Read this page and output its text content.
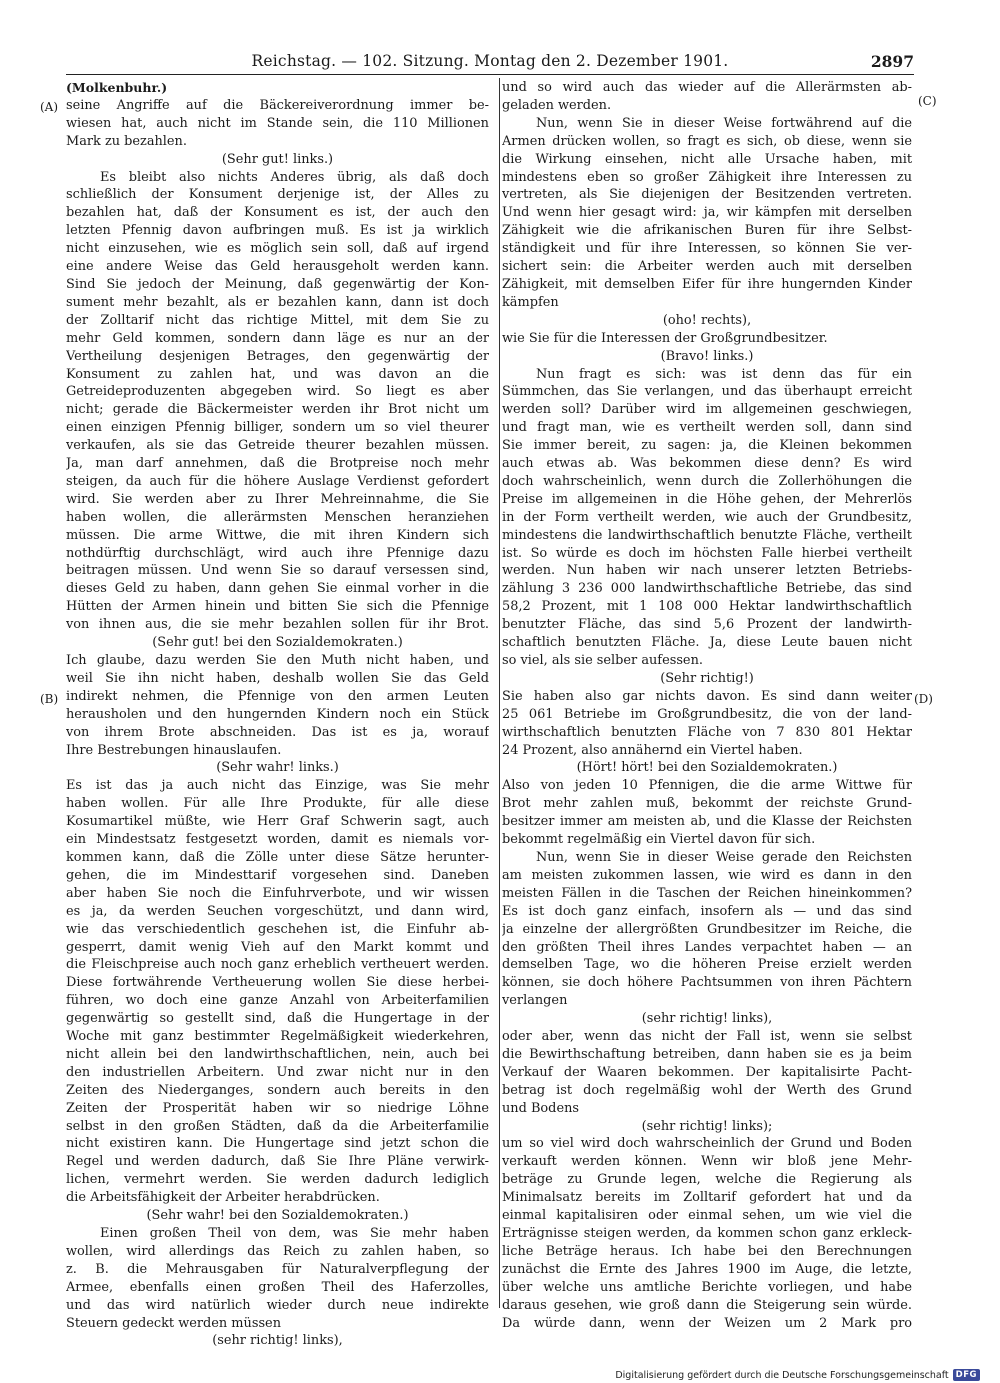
Reichstag. — 102. Sitzung. Montag den 2. Dezember 1901.	2897
(A)
(B)
(C)
(D)
(Molkenbuhr.)
seine Angriffe auf die Bäckereiverordnung immer be-
wiesen hat, auch nicht im Stande sein, die 110 Millionen
Mark zu bezahlen.
(Sehr gut! links.)
Es bleibt also nichts Anderes übrig, als daß doch
schließlich der Konsument derjenige ist, der Alles zu
bezahlen hat, daß der Konsument es ist, der auch den
letzten Pfennig davon aufbringen muß. Es ist ja wirklich
nicht einzusehen, wie es möglich sein soll, daß auf irgend
eine andere Weise das Geld herausgeholt werden kann.
Sind Sie jedoch der Meinung, daß gegenwärtig der Kon-
sument mehr bezahlt, als er bezahlen kann, dann ist doch
der Zolltarif nicht das richtige Mittel, mit dem Sie zu
mehr Geld kommen, sondern dann läge es nur an der
Vertheilung desjenigen Betrages, den gegenwärtig der
Konsument zu zahlen hat, und was davon an die
Getreideproduzenten abgegeben wird. So liegt es aber
nicht; gerade die Bäckermeister werden ihr Brot nicht um
einen einzigen Pfennig billiger, sondern um so viel theurer
verkaufen, als sie das Getreide theurer bezahlen müssen.
Ja, man darf annehmen, daß die Brotpreise noch mehr
steigen, da auch für die höhere Auslage Verdienst gefordert
wird. Sie werden aber zu Ihrer Mehreinnahme, die Sie
haben wollen, die allerärmsten Menschen heranziehen
müssen. Die arme Wittwe, die mit ihren Kindern sich
nothdürftig durchschlägt, wird auch ihre Pfennige dazu
beitragen müssen. Und wenn Sie so darauf versessen sind,
dieses Geld zu haben, dann gehen Sie einmal vorher in die
Hütten der Armen hinein und bitten Sie sich die Pfennige
von ihnen aus, die sie mehr bezahlen sollen für ihr Brot.
(Sehr gut! bei den Sozialdemokraten.)
Ich glaube, dazu werden Sie den Muth nicht haben, und
weil Sie ihn nicht haben, deshalb wollen Sie das Geld
indirekt nehmen, die Pfennige von den armen Leuten
herausholen und den hungernden Kindern noch ein Stück
von ihrem Brote abschneiden. Das ist es ja, worauf
Ihre Bestrebungen hinauslaufen.
(Sehr wahr! links.)
Es ist das ja auch nicht das Einzige, was Sie mehr
haben wollen. Für alle Ihre Produkte, für alle diese
Kosumartikel müßte, wie Herr Graf Schwerin sagt, auch
ein Mindestsatz festgesetzt worden, damit es niemals vor-
kommen kann, daß die Zölle unter diese Sätze herunter-
gehen, die im Mindesttarif vorgesehen sind. Daneben
aber haben Sie noch die Einfuhrverbote, und wir wissen
es ja, da werden Seuchen vorgeschützt, und dann wird,
wie das verschiedentlich geschehen ist, die Einfuhr ab-
gesperrt, damit wenig Vieh auf den Markt kommt und
die Fleischpreise auch noch ganz erheblich vertheuert werden.
Diese fortwährende Vertheuerung wollen Sie diese herbei-
führen, wo doch eine ganze Anzahl von Arbeiterfamilien
gegenwärtig so gestellt sind, daß die Hungertage in der
Woche mit ganz bestimmter Regelmäßigkeit wiederkehren,
nicht allein bei den landwirthschaftlichen, nein, auch bei
den industriellen Arbeitern. Und zwar nicht nur in den
Zeiten des Niederganges, sondern auch bereits in den
Zeiten der Prosperität haben wir so niedrige Löhne
selbst in den großen Städten, daß da die Arbeiterfamilie
nicht existiren kann. Die Hungertage sind jetzt schon die
Regel und werden dadurch, daß Sie Ihre Pläne verwirk-
lichen, vermehrt werden. Sie werden dadurch lediglich
die Arbeitsfähigkeit der Arbeiter herabdrücken.
(Sehr wahr! bei den Sozialdemokraten.)
Einen großen Theil von dem, was Sie mehr haben
wollen, wird allerdings das Reich zu zahlen haben, so
z. B. die Mehrausgaben für Naturalverpflegung der
Armee, ebenfalls einen großen Theil des Haferzolles,
und das wird natürlich wieder durch neue indirekte
Steuern gedeckt werden müssen
(sehr richtig! links),
und so wird auch das wieder auf die Allerärmsten ab-
geladen werden.
Nun, wenn Sie in dieser Weise fortwährend auf die
Armen drücken wollen, so fragt es sich, ob diese, wenn sie
die Wirkung einsehen, nicht alle Ursache haben, mit
mindestens eben so großer Zähigkeit ihre Interessen zu
vertreten, als Sie diejenigen der Besitzenden vertreten.
Und wenn hier gesagt wird: ja, wir kämpfen mit derselben
Zähigkeit wie die afrikanischen Buren für ihre Selbst-
ständigkeit und für ihre Interessen, so können Sie ver-
sichert sein: die Arbeiter werden auch mit derselben
Zähigkeit, mit demselben Eifer für ihre hungernden Kinder
kämpfen
(oho! rechts),
wie Sie für die Interessen der Großgrundbesitzer.
(Bravo! links.)
Nun fragt es sich: was ist denn das für ein
Sümmchen, das Sie verlangen, und das überhaupt erreicht
werden soll? Darüber wird im allgemeinen geschwiegen,
und fragt man, wie es vertheilt werden soll, dann sind
Sie immer bereit, zu sagen: ja, die Kleinen bekommen
auch etwas ab. Was bekommen diese denn? Es wird
doch wahrscheinlich, wenn durch die Zollerhöhungen die
Preise im allgemeinen in die Höhe gehen, der Mehrerlös
in der Form vertheilt werden, wie auch der Grundbesitz,
mindestens die landwirthschaftlich benutzte Fläche, vertheilt
ist. So würde es doch im höchsten Falle hierbei vertheilt
werden. Nun haben wir nach unserer letzten Betriebs-
zählung 3 236 000 landwirthschaftliche Betriebe, das sind
58,2 Prozent, mit 1 108 000 Hektar landwirthschaftlich
benutzter Fläche, das sind 5,6 Prozent der landwirth-
schaftlich benutzten Fläche. Ja, diese Leute bauen nicht
so viel, als sie selber aufessen.
(Sehr richtig!)
Sie haben also gar nichts davon. Es sind dann weiter
25 061 Betriebe im Großgrundbesitz, die von der land-
wirthschaftlich benutzten Fläche von 7 830 801 Hektar
24 Prozent, also annähernd ein Viertel haben.
(Hört! hört! bei den Sozialdemokraten.)
Also von jeden 10 Pfennigen, die die arme Wittwe für
Brot mehr zahlen muß, bekommt der reichste Grund-
besitzer immer am meisten ab, und die Klasse der Reichsten
bekommt regelmäßig ein Viertel davon für sich.
Nun, wenn Sie in dieser Weise gerade den Reichsten
am meisten zukommen lassen, wie wird es dann in den
meisten Fällen in die Taschen der Reichen hineinkommen?
Es ist doch ganz einfach, insofern als — und das sind
ja einzelne der allergrößten Grundbesitzer im Reiche, die
den größten Theil ihres Landes verpachtet haben — an
demselben Tage, wo die höheren Preise erzielt werden
können, sie doch höhere Pachtsummen von ihren Pächtern
verlangen
(sehr richtig! links),
oder aber, wenn das nicht der Fall ist, wenn sie selbst
die Bewirthschaftung betreiben, dann haben sie es ja beim
Verkauf der Waaren bekommen. Der kapitalisirte Pacht-
betrag ist doch regelmäßig wohl der Werth des Grund
und Bodens
(sehr richtig! links);
um so viel wird doch wahrscheinlich der Grund und Boden
verkauft werden können. Wenn wir bloß jene Mehr-
beträge zu Grunde legen, welche die Regierung als
Minimalsatz bereits im Zolltarif gefordert hat und da
einmal kapitalisiren oder einmal sehen, um wie viel die
Erträgnisse steigen werden, da kommen schon ganz erkleck-
liche Beträge heraus. Ich habe bei den Berechnungen
zunächst die Ernte des Jahres 1900 im Auge, die letzte,
über welche uns amtliche Berichte vorliegen, und habe
daraus gesehen, wie groß dann die Steigerung sein würde.
Da würde dann, wenn der Weizen um 2 Mark pro
Digitalisierung gefördert durch die Deutsche Forschungsgemeinschaft DFG
